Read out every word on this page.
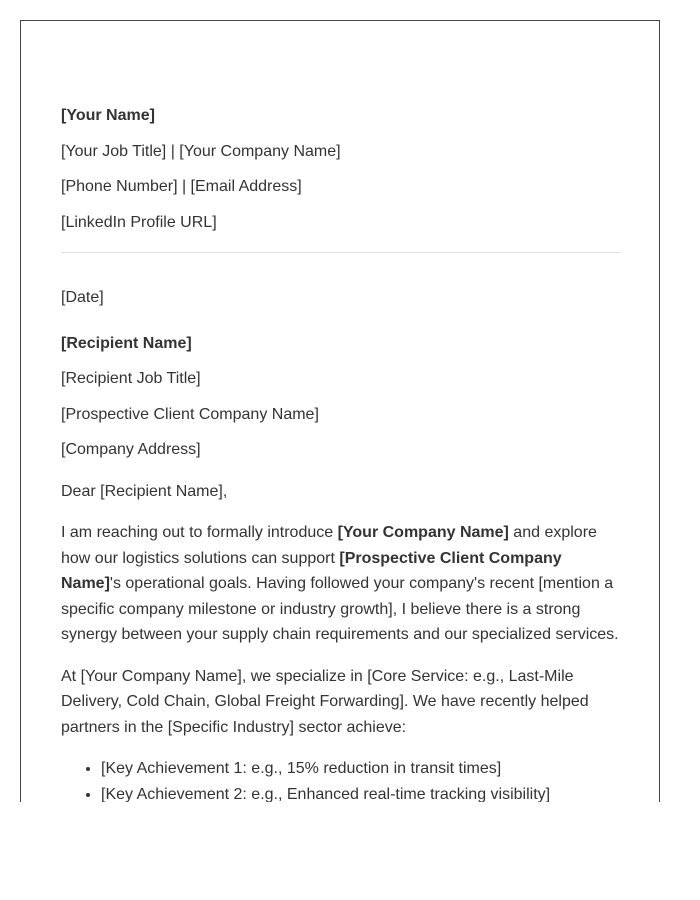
[Your Name]

[Your Job Title] | [Your Company Name]

[Phone Number] | [Email Address]

[LinkedIn Profile URL]

[Date]

[Recipient Name]

[Recipient Job Title]

[Prospective Client Company Name]

[Company Address]

Dear [Recipient Name],

I am reaching out to formally introduce [Your Company Name] and explore how our logistics solutions can support [Prospective Client Company Name]'s operational goals. Having followed your company's recent [mention a specific company milestone or industry growth], I believe there is a strong synergy between your supply chain requirements and our specialized services.

At [Your Company Name], we specialize in [Core Service: e.g., Last-Mile Delivery, Cold Chain, Global Freight Forwarding]. We have recently helped partners in the [Specific Industry] sector achieve:

• [Key Achievement 1: e.g., 15% reduction in transit times]
• [Key Achievement 2: e.g., Enhanced real-time tracking visibility]
